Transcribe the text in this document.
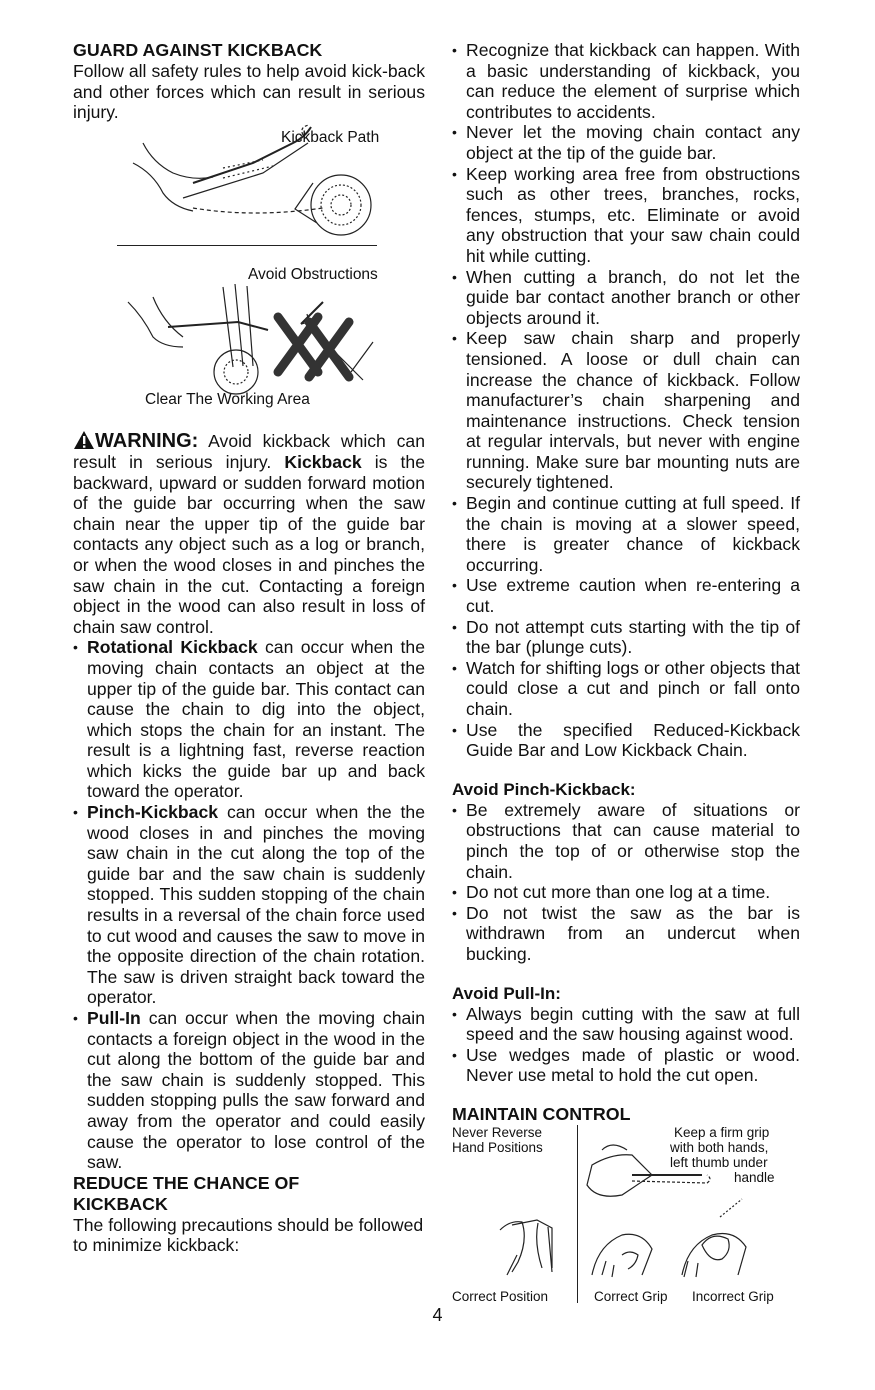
GUARD AGAINST KICKBACK

Follow all safety rules to help avoid kick-back and other forces which can result in serious injury.

Kickback Path
Avoid Obstructions

Clear The Working Area

WARNING: Avoid kickback which can result in serious injury. Kickback is the backward, upward or sudden forward motion of the guide bar occurring when the saw chain near the upper tip of the guide bar contacts any object such as a log or branch, or when the wood closes in and pinches the saw chain in the cut. Contacting a foreign object in the wood can also result in loss of chain saw control.

• Rotational Kickback can occur when the moving chain contacts an object at the upper tip of the guide bar. This contact can cause the chain to dig into the object, which stops the chain for an instant. The result is a lightning fast, reverse reaction which kicks the guide bar up and back toward the operator.
• Pinch-Kickback can occur when the the wood closes in and pinches the moving saw chain in the cut along the top of the guide bar and the saw chain is suddenly stopped. This sudden stopping of the chain results in a reversal of the chain force used to cut wood and causes the saw to move in the opposite direction of the chain rotation. The saw is driven straight back toward the operator.
• Pull-In can occur when the moving chain contacts a foreign object in the wood in the cut along the bottom of the guide bar and the saw chain is suddenly stopped. This sudden stopping pulls the saw forward and away from the operator and could easily cause the operator to lose control of the saw.

REDUCE THE CHANCE OF

KICKBACK

The following precautions should be followed to minimize kickback:

• Recognize that kickback can happen. With a basic understanding of kickback, you can reduce the element of surprise which contributes to accidents.
• Never let the moving chain contact any object at the tip of the guide bar.
• Keep working area free from obstructions such as other trees, branches, rocks, fences, stumps, etc. Eliminate or avoid any obstruction that your saw chain could hit while cutting.
• When cutting a branch, do not let the guide bar contact another branch or other objects around it.
• Keep saw chain sharp and properly tensioned. A loose or dull chain can increase the chance of kickback. Follow manufacturer’s chain sharpening and maintenance instructions. Check tension at regular intervals, but never with engine running. Make sure bar mounting nuts are securely tightened.
• Begin and continue cutting at full speed. If the chain is moving at a slower speed, there is greater chance of kickback occurring.
• Use extreme caution when re-entering a cut.
• Do not attempt cuts starting with the tip of the bar (plunge cuts).
• Watch for shifting logs or other objects that could close a cut and pinch or fall onto chain.
• Use the specified Reduced-Kickback Guide Bar and Low Kickback Chain.

Avoid Pinch-Kickback:

• Be extremely aware of situations or obstructions that can cause material to pinch the top of or otherwise stop the chain.
• Do not cut more than one log at a time.
• Do not twist the saw as the bar is withdrawn from an undercut when bucking.

Avoid Pull-In:

• Always begin cutting with the saw at full speed and the saw housing against wood.
• Use wedges made of plastic or wood. Never use metal to hold the cut open.

MAINTAIN CONTROL

Never Reverse
Hand Positions
Keep a firm grip
with both hands,
left thumb under
handle
Correct Position	Correct Grip Incorrect Grip
4
